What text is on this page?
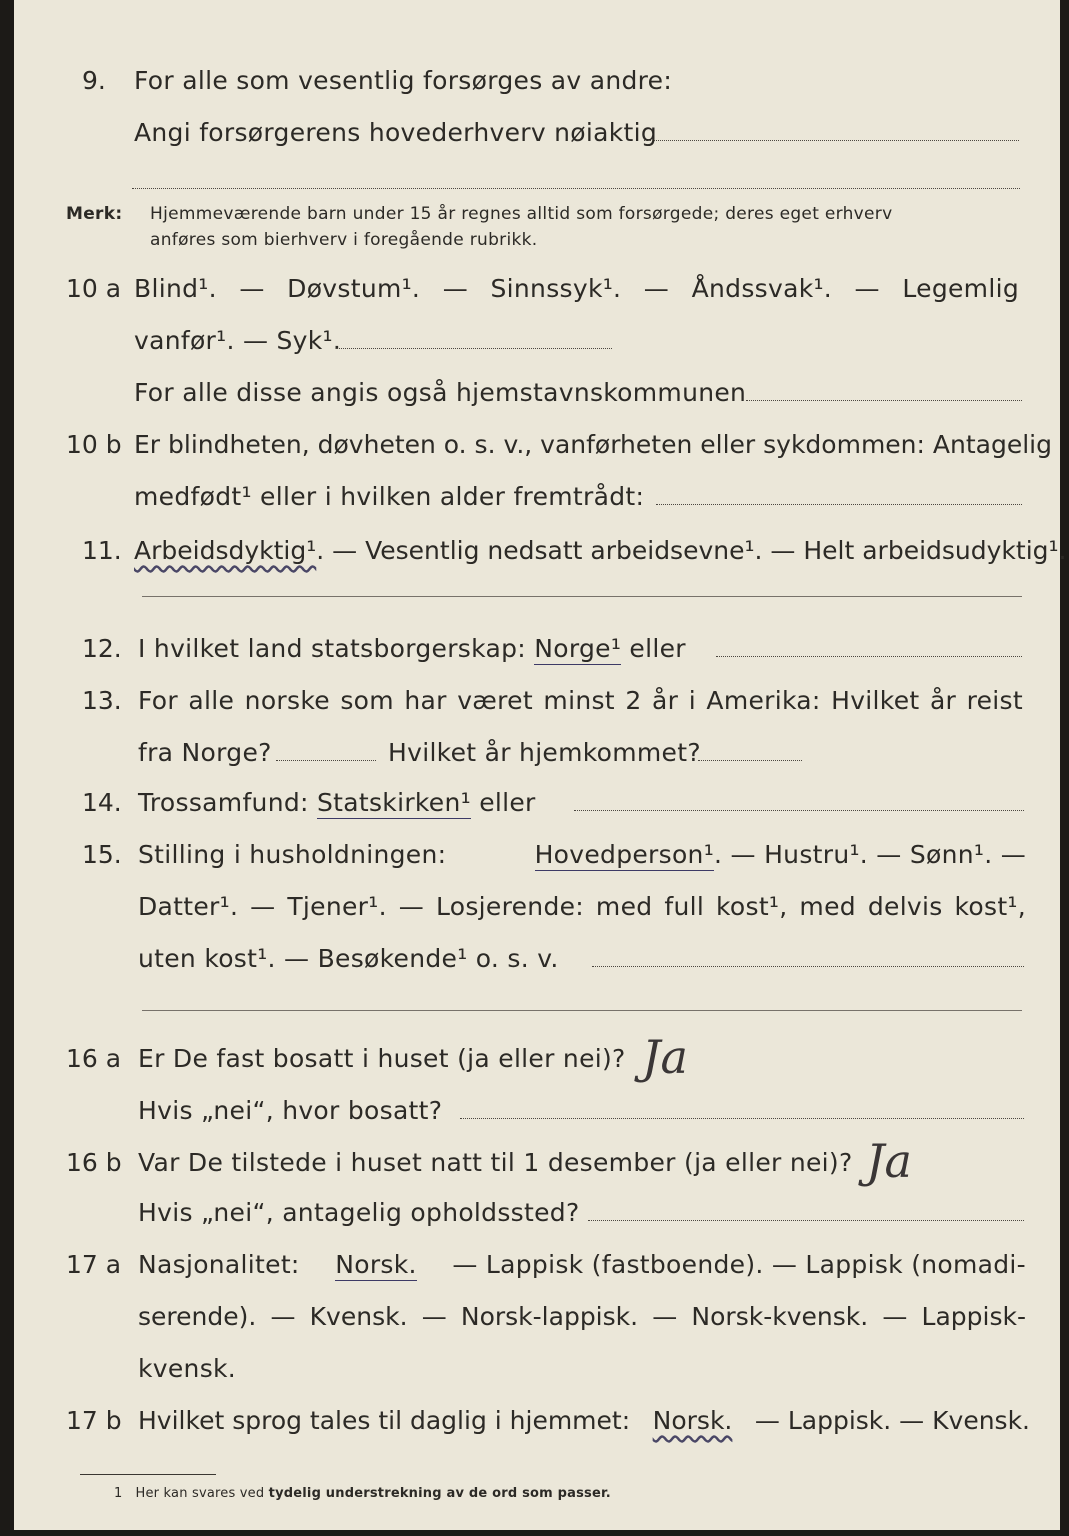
9. For alle som vesentlig forsørges av andre:
Angi forsørgerens hovederhverv nøiaktig
Merk: Hjemmeværende barn under 15 år regnes alltid som forsørgede; deres eget erhverv
anføres som bierhverv i foregående rubrikk.
10 a Blind¹. — Døvstum¹. — Sinnssyk¹. — Åndssvak¹. — Legemlig
vanfør¹. — Syk¹.
For alle disse angis også hjemstavnskommunen
10 b Er blindheten, døvheten o. s. v., vanførheten eller sykdommen: Antagelig
medfødt¹ eller i hvilken alder fremtrådt:
11. Arbeidsdyktig¹. — Vesentlig nedsatt arbeidsevne¹. — Helt arbeidsudyktig¹.
12. I hvilket land statsborgerskap: Norge¹ eller
13. For alle norske som har været minst 2 år i Amerika: Hvilket år reist
fra Norge?	Hvilket år hjemkommet?
14. Trossamfund: Statskirken¹ eller
15. Stilling i husholdningen:	Hovedperson¹. — Hustru¹. — Sønn¹. —
Datter¹. — Tjener¹. — Losjerende: med full kost¹, med delvis kost¹,
uten kost¹. — Besøkende¹ o. s. v.
16 a Er De fast bosatt i huset (ja eller nei)?
Hvis „nei“, hvor bosatt?
Ja
16 b Var De tilstede i huset natt til 1 desember (ja eller nei)?
Hvis „nei“, antagelig opholdssted?
Ja
17 a Nasjonalitet: Norsk. — Lappisk (fastboende). — Lappisk (nomadi-
serende). — Kvensk. — Norsk-lappisk. — Norsk-kvensk. — Lappisk-
kvensk.
17 b Hvilket sprog tales til daglig i hjemmet: Norsk. — Lappisk. — Kvensk.
1 Her kan svares ved tydelig understrekning av de ord som passer.
